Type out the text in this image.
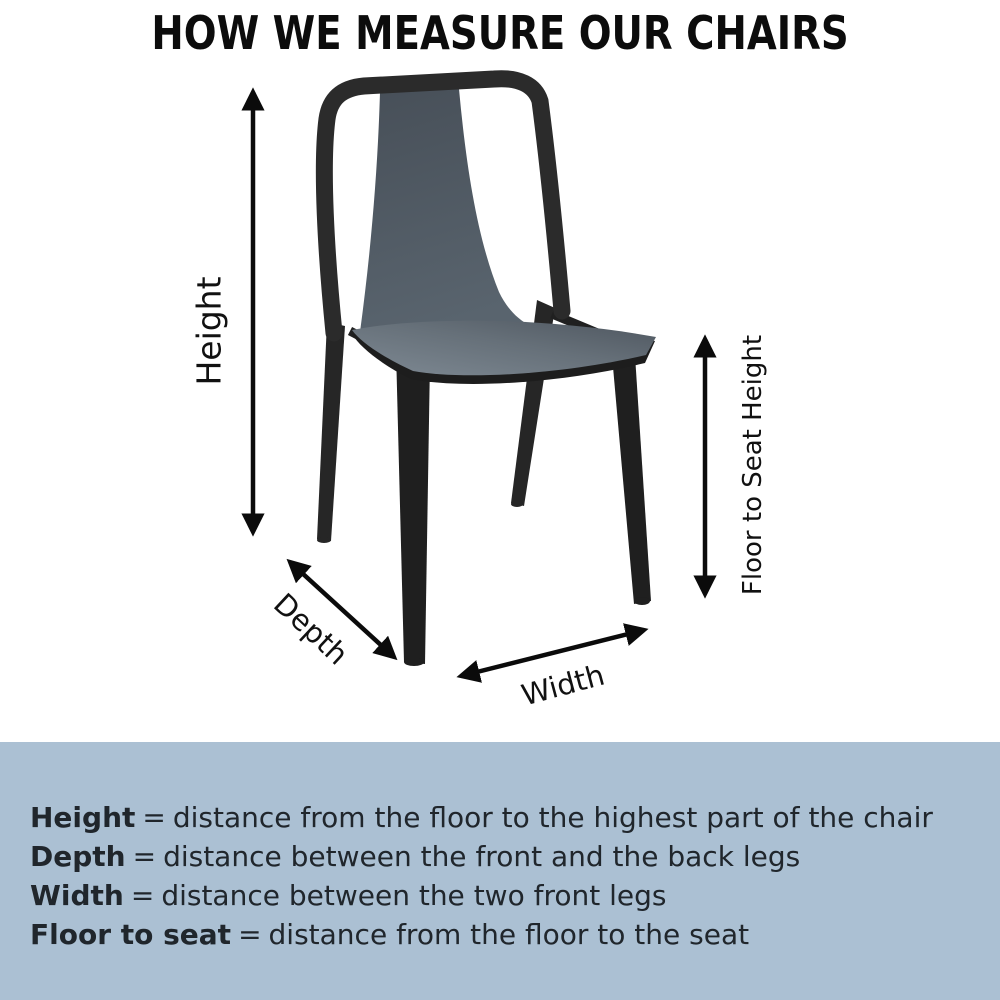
HOW WE MEASURE OUR CHAIRS
Height
Floor to Seat Height
Depth
Width
Height = distance from the floor to the highest part of the chair
Depth = distance between the front and the back legs
Width = distance between the two front legs
Floor to seat = distance from the floor to the seat
